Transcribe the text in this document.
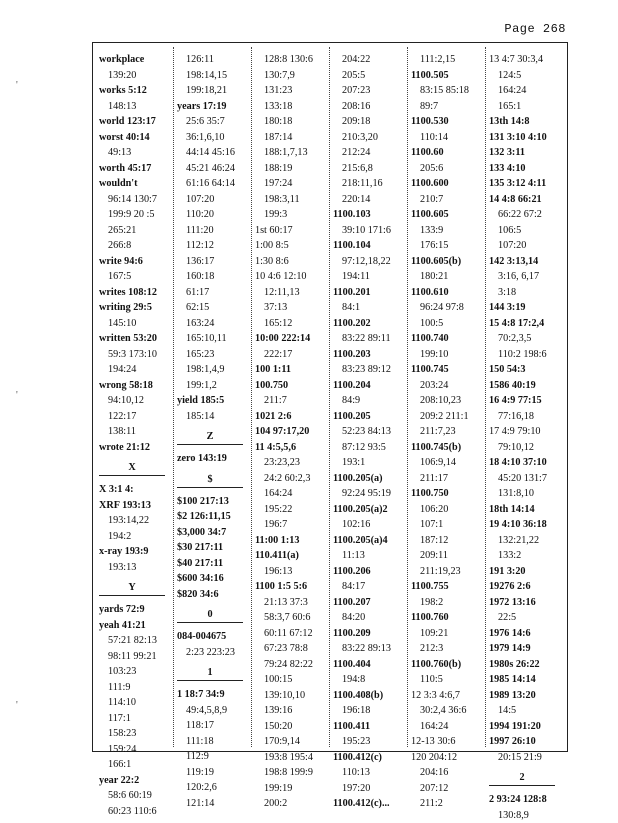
Page 268
'
'
'
workplace
139:20
works 5:12
148:13
world 123:17
worst 40:14
49:13
worth 45:17
wouldn't
96:14 130:7
199:9 20 :5
265:21
266:8
write 94:6
167:5
writes 108:12
writing 29:5
145:10
written 53:20
59:3 173:10
194:24
wrong 58:18
94:10,12
122:17
138:11
wrote 21:12
X
X 3:1 4:
XRF 193:13
193:14,22
194:2
x-ray 193:9
193:13
Y
yards 72:9
yeah 41:21
57:21 82:13
98:11 99:21
103:23
111:9
114:10
117:1
158:23
159:24
166:1
year 22:2
58:6 60:19
60:23 110:6
126:11
198:14,15
199:18,21
years 17:19
25:6 35:7
36:1,6,10
44:14 45:16
45:21 46:24
61:16 64:14
107:20
110:20
111:20
112:12
136:17
160:18
61:17
62:15
163:24
165:10,11
165:23
198:1,4,9
199:1,2
yield 185:5
185:14
Z
zero 143:19
$
$100 217:13
$2 126:11,15
$3,000 34:7
$30 217:11
$40 217:11
$600 34:16
$820 34:6
0
084-004675
2:23 223:23
1
1 18:7 34:9
49:4,5,8,9
118:17
111:18
112:9
119:19
120:2,6
121:14
128:8 130:6
130:7,9
131:23
133:18
180:18
187:14
188:1,7,13
188:19
197:24
198:3,11
199:3
1st 60:17
1:00 8:5
1:30 8:6
10 4:6 12:10
12:11,13
37:13
165:12
10:00 222:14
222:17
100 1:11
100.750
211:7
1021 2:6
104 97:17,20
11 4:5,5,6
23:23,23
24:2 60:2,3
164:24
195:22
196:7
11:00 1:13
110.411(a)
196:13
1100 1:5 5:6
21:13 37:3
58:3,7 60:6
60:11 67:12
67:23 78:8
79:24 82:22
100:15
139:10,10
139:16
150:20
170:9,14
193:8 195:4
198:8 199:9
199:19
200:2
204:22
205:5
207:23
208:16
209:18
210:3,20
212:24
215:6,8
218:11,16
220:14
1100.103
39:10 171:6
1100.104
97:12,18,22
194:11
1100.201
84:1
1100.202
83:22 89:11
1100.203
83:23 89:12
1100.204
84:9
1100.205
52:23 84:13
87:12 93:5
193:1
1100.205(a)
92:24 95:19
1100.205(a)2
102:16
1100.205(a)4
11:13
1100.206
84:17
1100.207
84:20
1100.209
83:22 89:13
1100.404
194:8
1100.408(b)
196:18
1100.411
195:23
1100.412(c)
110:13
197:20
1100.412(c)...
111:2,15
1100.505
83:15 85:18
89:7
1100.530
110:14
1100.60
205:6
1100.600
210:7
1100.605
133:9
176:15
1100.605(b)
180:21
1100.610
96:24 97:8
100:5
1100.740
199:10
1100.745
203:24
208:10,23
209:2 211:1
211:7,23
1100.745(b)
106:9,14
211:17
1100.750
106:20
107:1
187:12
209:11
211:19,23
1100.755
198:2
1100.760
109:21
212:3
1100.760(b)
110:5
12 3:3 4:6,7
30:2,4 36:6
164:24
12-13 30:6
120 204:12
204:16
207:12
211:2
13 4:7 30:3,4
124:5
164:24
165:1
13th 14:8
131 3:10 4:10
132 3:11
133 4:10
135 3:12 4:11
14 4:8 66:21
66:22 67:2
106:5
107:20
142 3:13,14
3:16, 6,17
3:18
144 3:19
15 4:8 17:2,4
70:2,3,5
110:2 198:6
150 54:3
1586 40:19
16 4:9 77:15
77:16,18
17 4:9 79:10
79:10,12
18 4:10 37:10
45:20 131:7
131:8,10
18th 14:14
19 4:10 36:18
132:21,22
133:2
191 3:20
19276 2:6
1972 13:16
22:5
1976 14:6
1979 14:9
1980s 26:22
1985 14:14
1989 13:20
14:5
1994 191:20
1997 26:10
20:15 21:9
2
2 93:24 128:8
130:8,9
